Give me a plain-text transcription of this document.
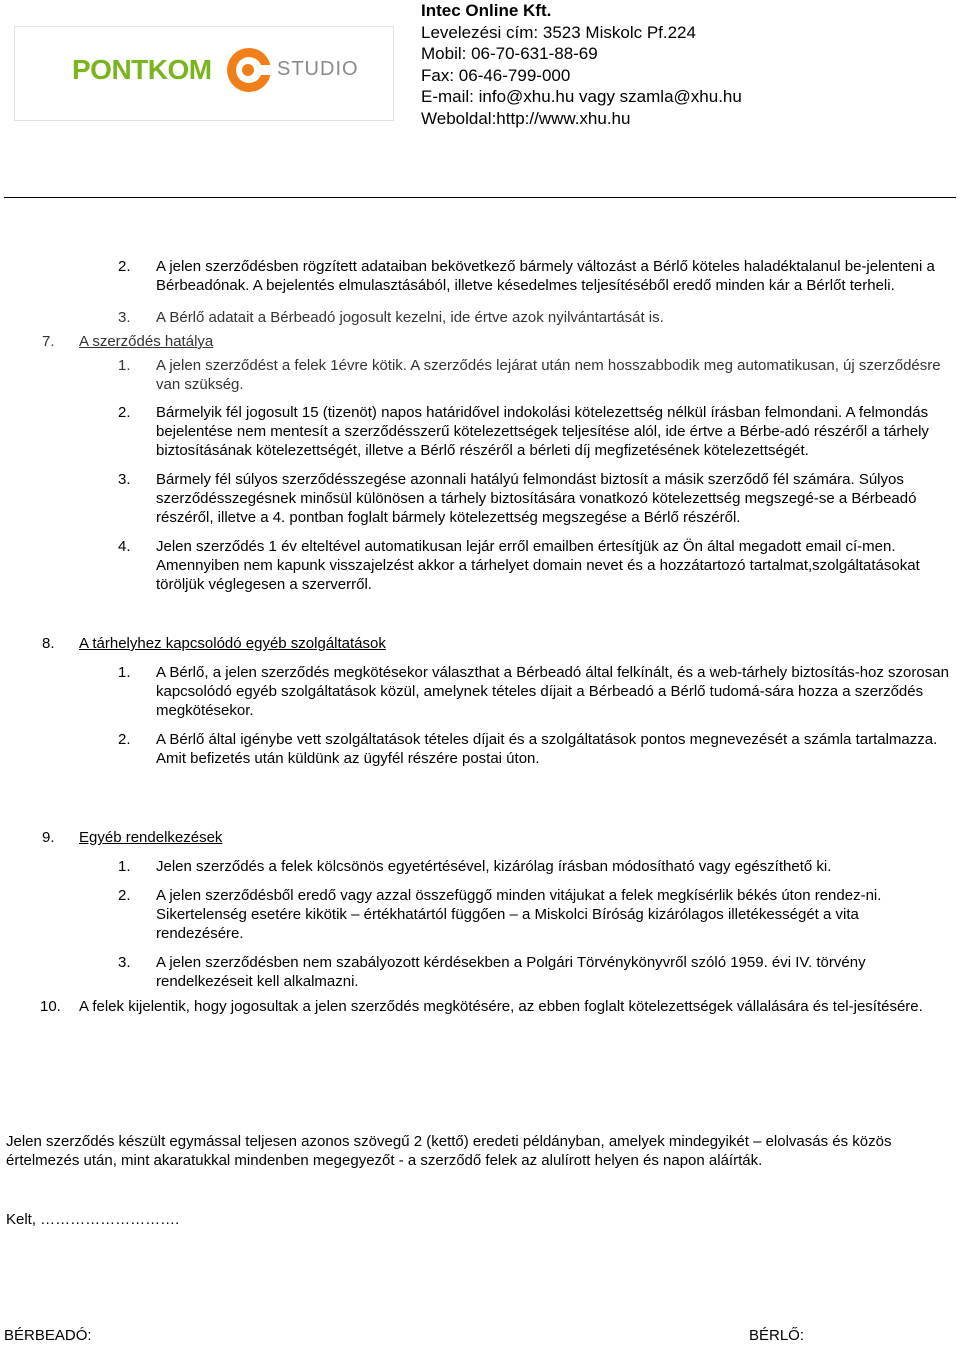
PONTKOM	STUDIO
Intec Online Kft.
Levelezési cím: 3523 Miskolc Pf.224
Mobil: 06-70-631-88-69
Fax: 06-46-799-000
E-mail: info@xhu.hu vagy szamla@xhu.hu
Weboldal:http://www.xhu.hu
2. A jelen szerződésben rögzített adataiban bekövetkező bármely változást a Bérlő köteles haladéktalanul be-jelenteni a Bérbeadónak. A bejelentés elmulasztásából, illetve késedelmes teljesítéséből eredő minden kár a Bérlőt terheli.
3. A Bérlő adatait a Bérbeadó jogosult kezelni, ide értve azok nyilvántartását is.
7. A szerződés hatálya
1. A jelen szerződést a felek 1évre kötik. A szerződés lejárat után nem hosszabbodik meg automatikusan, új szerződésre van szükség.
2. Bármelyik fél jogosult 15 (tizenöt) napos határidővel indokolási kötelezettség nélkül írásban felmondani. A felmondás bejelentése nem mentesít a szerződésszerű kötelezettségek teljesítése alól, ide értve a Bérbe-adó részéről a tárhely biztosításának kötelezettségét, illetve a Bérlő részéről a bérleti díj megfizetésének kötelezettségét.
3. Bármely fél súlyos szerződésszegése azonnali hatályú felmondást biztosít a másik szerződő fél számára. Súlyos szerződésszegésnek minősül különösen a tárhely biztosítására vonatkozó kötelezettség megszegé-se a Bérbeadó részéről, illetve a 4. pontban foglalt bármely kötelezettség megszegése a Bérlő részéről.
4. Jelen szerződés 1 év elteltével automatikusan lejár erről emailben értesítjük az Ön által megadott email cí-men. Amennyiben nem kapunk visszajelzést akkor a tárhelyet domain nevet és a hozzátartozó tartalmat,szolgáltatásokat töröljük véglegesen a szerverről.
8. A tárhelyhez kapcsolódó egyéb szolgáltatások
1. A Bérlő, a jelen szerződés megkötésekor választhat a Bérbeadó által felkínált, és a web-tárhely biztosítás-hoz szorosan kapcsolódó egyéb szolgáltatások közül, amelynek tételes díjait a Bérbeadó a Bérlő tudomá-sára hozza a szerződés megkötésekor.
2. A Bérlő által igénybe vett szolgáltatások tételes díjait és a szolgáltatások pontos megnevezését a számla tartalmazza. Amit befizetés után küldünk az ügyfél részére postai úton.
9. Egyéb rendelkezések
1. Jelen szerződés a felek kölcsönös egyetértésével, kizárólag írásban módosítható vagy egészíthető ki.
2. A jelen szerződésből eredő vagy azzal összefüggő minden vitájukat a felek megkísérlik békés úton rendez-ni. Sikertelenség esetére kikötik – értékhatártól függően – a Miskolci Bíróság kizárólagos illetékességét a vita rendezésére.
3. A jelen szerződésben nem szabályozott kérdésekben a Polgári Törvénykönyvről szóló 1959. évi IV. törvény rendelkezéseit kell alkalmazni.
10. A felek kijelentik, hogy jogosultak a jelen szerződés megkötésére, az ebben foglalt kötelezettségek vállalására és tel-jesítésére.
Jelen szerződés készült egymással teljesen azonos szövegű 2 (kettő) eredeti példányban, amelyek mindegyikét – elolvasás és közös értelmezés után, mint akaratukkal mindenben megegyezőt - a szerződő felek az alulírott helyen és napon aláírták.
Kelt, ……………………….
BÉRBEADÓ:	BÉRLŐ:
